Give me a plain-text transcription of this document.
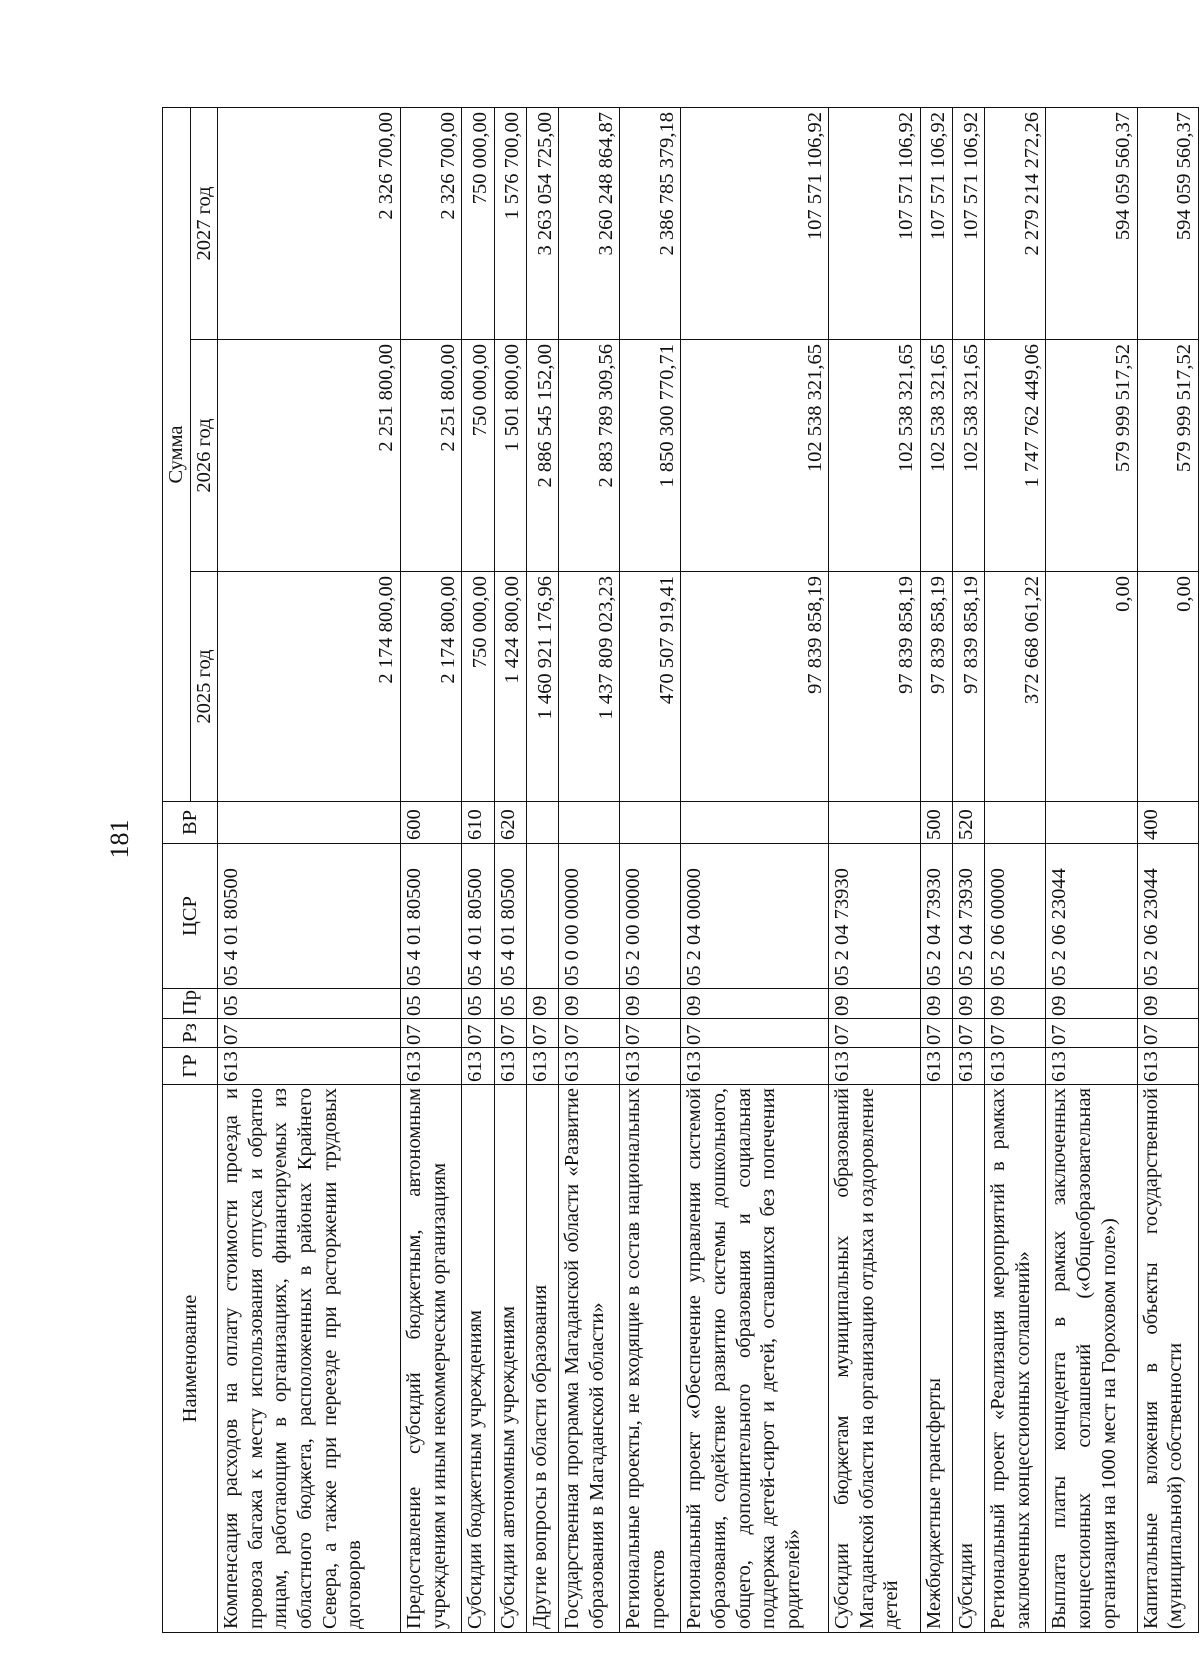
181
Наименование	ГР	Рз	Пр	ЦСР	ВР	Сумма		
						2025 год	2026 год	2027 год
Компенсация расходов на оплату стоимости проезда и провоза багажа к месту использования отпуска и обратно лицам, работающим в организациях, финансируемых из областного бюджета, расположенных в районах Крайнего Севера, а также при переезде при расторжении трудовых договоров	613	07	05	05 4 01 80500		2 174 800,00	2 251 800,00	2 326 700,00
Предоставление субсидий бюджетным, автономным учреждениям и иным некоммерческим организациям	613	07	05	05 4 01 80500	600	2 174 800,00	2 251 800,00	2 326 700,00
Субсидии бюджетным учреждениям	613	07	05	05 4 01 80500	610	750 000,00	750 000,00	750 000,00
Субсидии автономным учреждениям	613	07	05	05 4 01 80500	620	1 424 800,00	1 501 800,00	1 576 700,00
Другие вопросы в области образования	613	07	09			1 460 921 176,96	2 886 545 152,00	3 263 054 725,00
Государственная программа Магаданской области «Развитие образования в Магаданской области»	613	07	09	05 0 00 00000		1 437 809 023,23	2 883 789 309,56	3 260 248 864,87
Региональные проекты, не входящие в состав национальных проектов	613	07	09	05 2 00 00000		470 507 919,41	1 850 300 770,71	2 386 785 379,18
Региональный проект «Обеспечение управления системой образования, содействие развитию системы дошкольного, общего, дополнительного образования и социальная поддержка детей-сирот и детей, оставшихся без попечения родителей»	613	07	09	05 2 04 00000		97 839 858,19	102 538 321,65	107 571 106,92
Субсидии бюджетам муниципальных образований Магаданской области на организацию отдыха и оздоровление детей	613	07	09	05 2 04 73930		97 839 858,19	102 538 321,65	107 571 106,92
Межбюджетные трансферты	613	07	09	05 2 04 73930	500	97 839 858,19	102 538 321,65	107 571 106,92
Субсидии	613	07	09	05 2 04 73930	520	97 839 858,19	102 538 321,65	107 571 106,92
Региональный проект «Реализация мероприятий в рамках заключенных концессионных соглашений»	613	07	09	05 2 06 00000		372 668 061,22	1 747 762 449,06	2 279 214 272,26
Выплата платы концедента в рамках заключенных концессионных соглашений («Общеобразовательная организация на 1000 мест на Гороховом поле»)	613	07	09	05 2 06 23044		0,00	579 999 517,52	594 059 560,37
Капитальные вложения в объекты государственной (муниципальной) собственности	613	07	09	05 2 06 23044	400	0,00	579 999 517,52	594 059 560,37
